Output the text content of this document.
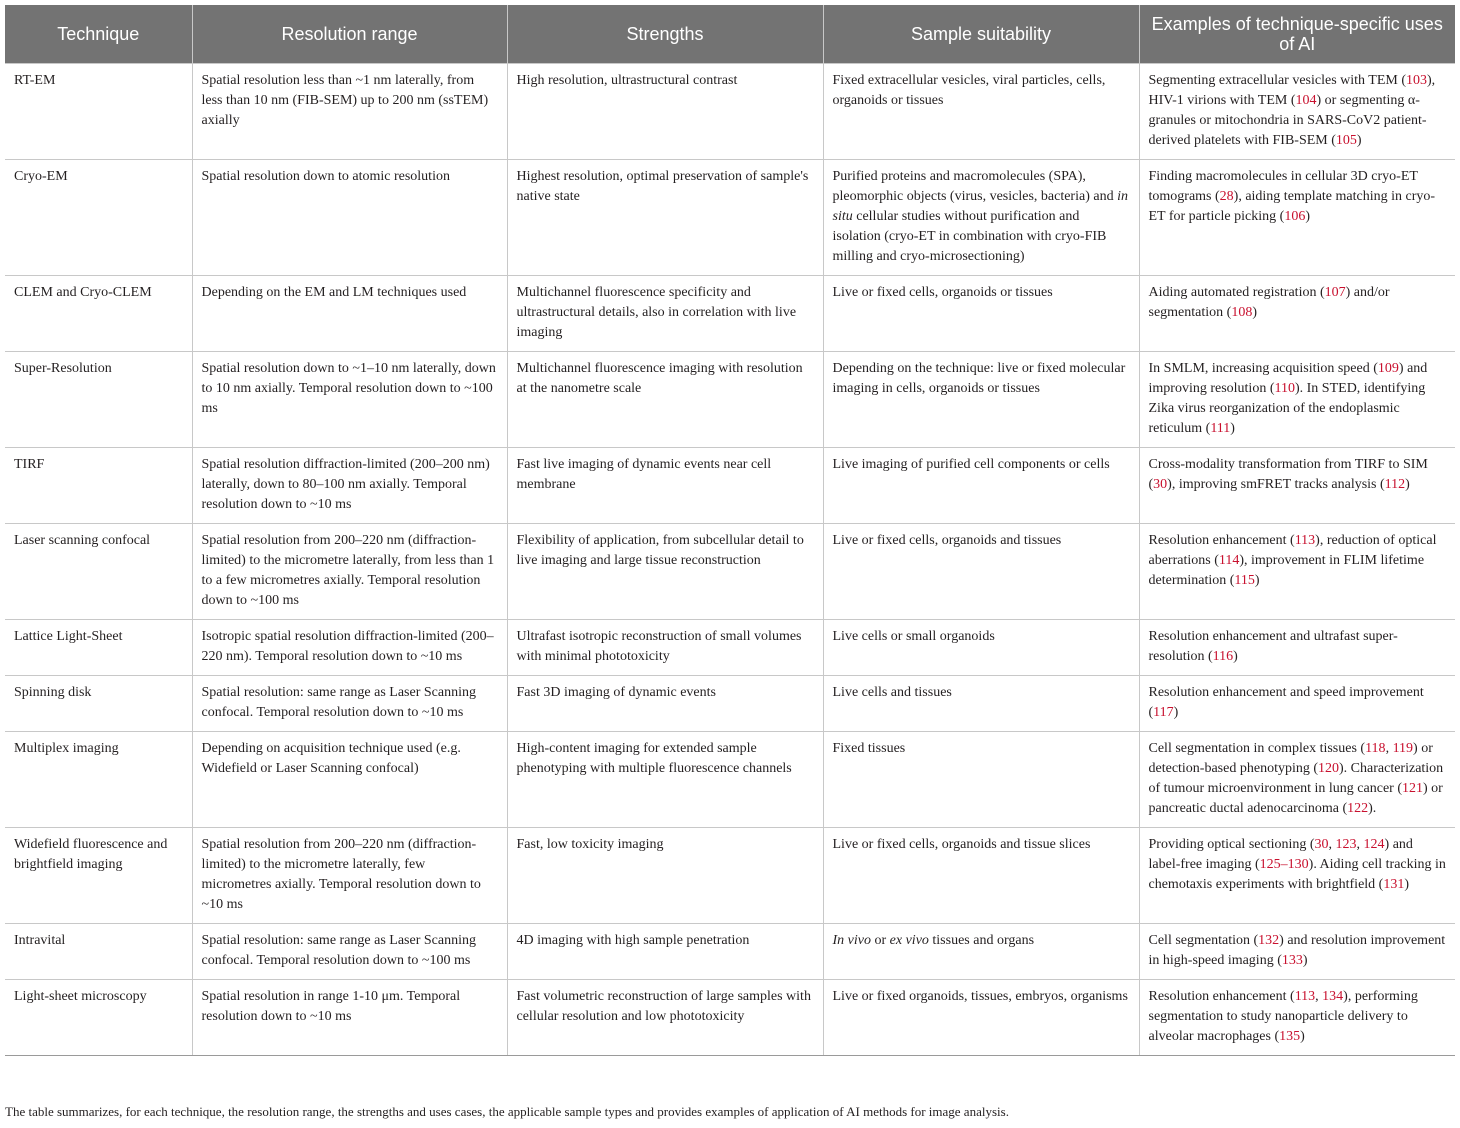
Technique	Resolution range	Strengths	Sample suitability	Examples of technique-specific uses of AI
RT-EM	Spatial resolution less than ~1 nm laterally, from less than 10 nm (FIB-SEM) up to 200 nm (ssTEM) axially	High resolution, ultrastructural contrast	Fixed extracellular vesicles, viral particles, cells, organoids or tissues	Segmenting extracellular vesicles with TEM (103), HIV-1 virions with TEM (104) or segmenting α-granules or mitochondria in SARS-CoV2 patient-derived platelets with FIB-SEM (105)
Cryo-EM	Spatial resolution down to atomic resolution	Highest resolution, optimal preservation of sample's native state	Purified proteins and macromolecules (SPA), pleomorphic objects (virus, vesicles, bacteria) and in situ cellular studies without purification and isolation (cryo-ET in combination with cryo-FIB milling and cryo-microsectioning)	Finding macromolecules in cellular 3D cryo-ET tomograms (28), aiding template matching in cryo-ET for particle picking (106)
CLEM and Cryo-CLEM	Depending on the EM and LM techniques used	Multichannel fluorescence specificity and ultrastructural details, also in correlation with live imaging	Live or fixed cells, organoids or tissues	Aiding automated registration (107) and/or segmentation (108)
Super-Resolution	Spatial resolution down to ~1–10 nm laterally, down to 10 nm axially. Temporal resolution down to ~100 ms	Multichannel fluorescence imaging with resolution at the nanometre scale	Depending on the technique: live or fixed molecular imaging in cells, organoids or tissues	In SMLM, increasing acquisition speed (109) and improving resolution (110). In STED, identifying Zika virus reorganization of the endoplasmic reticulum (111)
TIRF	Spatial resolution diffraction-limited (200–200 nm) laterally, down to 80–100 nm axially. Temporal resolution down to ~10 ms	Fast live imaging of dynamic events near cell membrane	Live imaging of purified cell components or cells	Cross-modality transformation from TIRF to SIM (30), improving smFRET tracks analysis (112)
Laser scanning confocal	Spatial resolution from 200–220 nm (diffraction-limited) to the micrometre laterally, from less than 1 to a few micrometres axially. Temporal resolution down to ~100 ms	Flexibility of application, from subcellular detail to live imaging and large tissue reconstruction	Live or fixed cells, organoids and tissues	Resolution enhancement (113), reduction of optical aberrations (114), improvement in FLIM lifetime determination (115)
Lattice Light-Sheet	Isotropic spatial resolution diffraction-limited (200–220 nm). Temporal resolution down to ~10 ms	Ultrafast isotropic reconstruction of small volumes with minimal phototoxicity	Live cells or small organoids	Resolution enhancement and ultrafast super-resolution (116)
Spinning disk	Spatial resolution: same range as Laser Scanning confocal. Temporal resolution down to ~10 ms	Fast 3D imaging of dynamic events	Live cells and tissues	Resolution enhancement and speed improvement (117)
Multiplex imaging	Depending on acquisition technique used (e.g. Widefield or Laser Scanning confocal)	High-content imaging for extended sample phenotyping with multiple fluorescence channels	Fixed tissues	Cell segmentation in complex tissues (118, 119) or detection-based phenotyping (120). Characterization of tumour microenvironment in lung cancer (121) or pancreatic ductal adenocarcinoma (122).
Widefield fluorescence and brightfield imaging	Spatial resolution from 200–220 nm (diffraction-limited) to the micrometre laterally, few micrometres axially. Temporal resolution down to ~10 ms	Fast, low toxicity imaging	Live or fixed cells, organoids and tissue slices	Providing optical sectioning (30, 123, 124) and label-free imaging (125–130). Aiding cell tracking in chemotaxis experiments with brightfield (131)
Intravital	Spatial resolution: same range as Laser Scanning confocal. Temporal resolution down to ~100 ms	4D imaging with high sample penetration	In vivo or ex vivo tissues and organs	Cell segmentation (132) and resolution improvement in high-speed imaging (133)
Light-sheet microscopy	Spatial resolution in range 1-10 μm. Temporal resolution down to ~10 ms	Fast volumetric reconstruction of large samples with cellular resolution and low phototoxicity	Live or fixed organoids, tissues, embryos, organisms	Resolution enhancement (113, 134), performing segmentation to study nanoparticle delivery to alveolar macrophages (135)
The table summarizes, for each technique, the resolution range, the strengths and uses cases, the applicable sample types and provides examples of application of AI methods for image analysis.
